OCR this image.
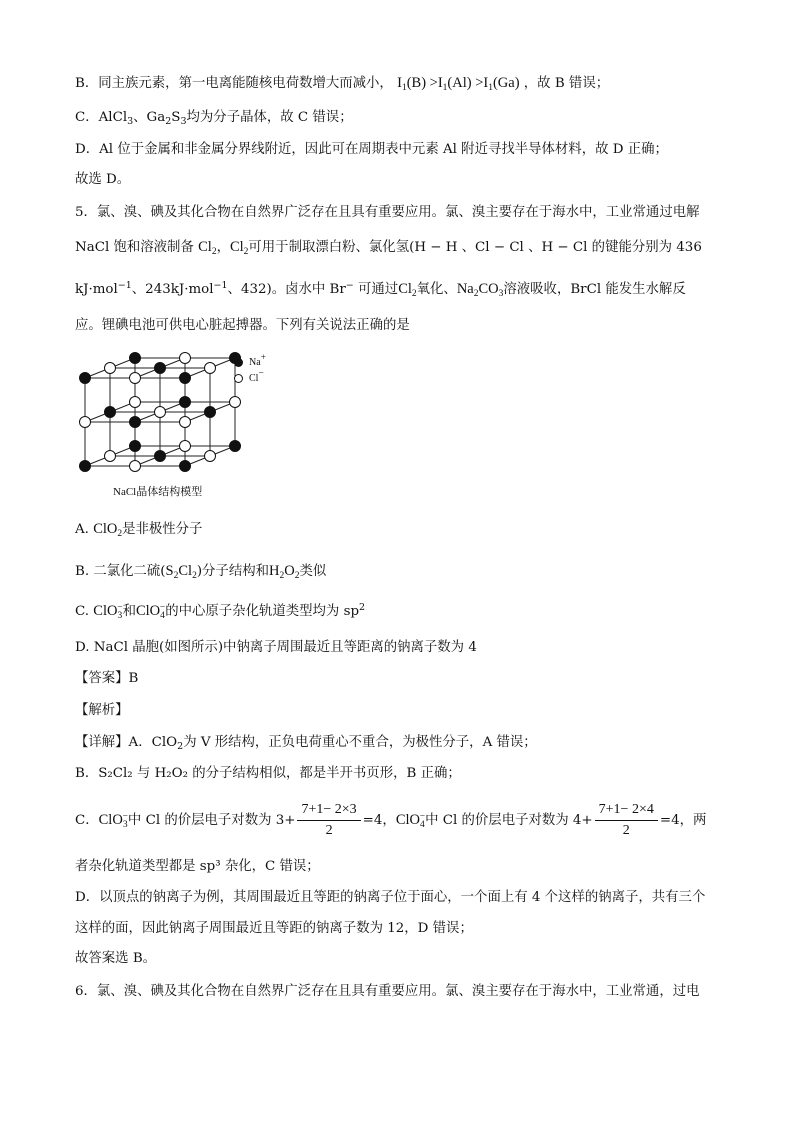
B．同主族元素，第一电离能随核电荷数增大而减小， $I_1(B) >I_1(Al) >I_1(Ga)$ ，故 B 错误；
C．AlCl$_3$、$Ga_2S_3$均为分子晶体，故 C 错误；
D．Al 位于金属和非金属分界线附近，因此可在周期表中元素 Al 附近寻找半导体材料，故 D 正确；
故选 D。
5．氯、溴、碘及其化合物在自然界广泛存在且具有重要应用。氯、溴主要存在于海水中，工业常通过电解
NaCl 饱和溶液制备 $Cl_2$，$Cl_2$可用于制取漂白粉、氯化氢(H − H 、Cl − Cl 、H − Cl 的键能分别为 436
kJ·mol$^{-1}$、243kJ·mol$^{-1}$、432)。卤水中 Br− 可通过$Cl_2$氧化、$Na_2CO_3$溶液吸收，BrCl 能发生水解反
应。锂碘电池可供电心脏起搏器。下列有关说法正确的是
Na+
Cl−
NaCl晶体结构模型
A. ClO$_2$是非极性分子
B. 二氯化二硫$(S_2Cl_2)$分子结构和$H_2O_2$类似
C. ClO$_3$−和ClO$_4$−的中心原子杂化轨道类型均为 $sp^2$
D. NaCl 晶胞(如图所示)中钠离子周围最近且等距离的钠离子数为 4
【答案】B
【解析】
【详解】A．ClO$_2$为 V 形结构，正负电荷重心不重合，为极性分子，A 错误；
B．S₂Cl₂ 与 H₂O₂ 的分子结构相似，都是半开书页形，B 正确；
C．ClO$_3$−中 Cl 的价层电子对数为 $3+ \frac{7+1- 2\times 3}{2} =4$，ClO$_4$−中 Cl 的价层电子对数为 $4+ \frac{7+1- 2\times 4}{2} =4$，两
者杂化轨道类型都是 sp³ 杂化，C 错误；
D．以顶点的钠离子为例，其周围最近且等距的钠离子位于面心，一个面上有 4 个这样的钠离子，共有三个
这样的面，因此钠离子周围最近且等距的钠离子数为 12，D 错误；
故答案选 B。
6．氯、溴、碘及其化合物在自然界广泛存在且具有重要应用。氯、溴主要存在于海水中，工业常通，过电
